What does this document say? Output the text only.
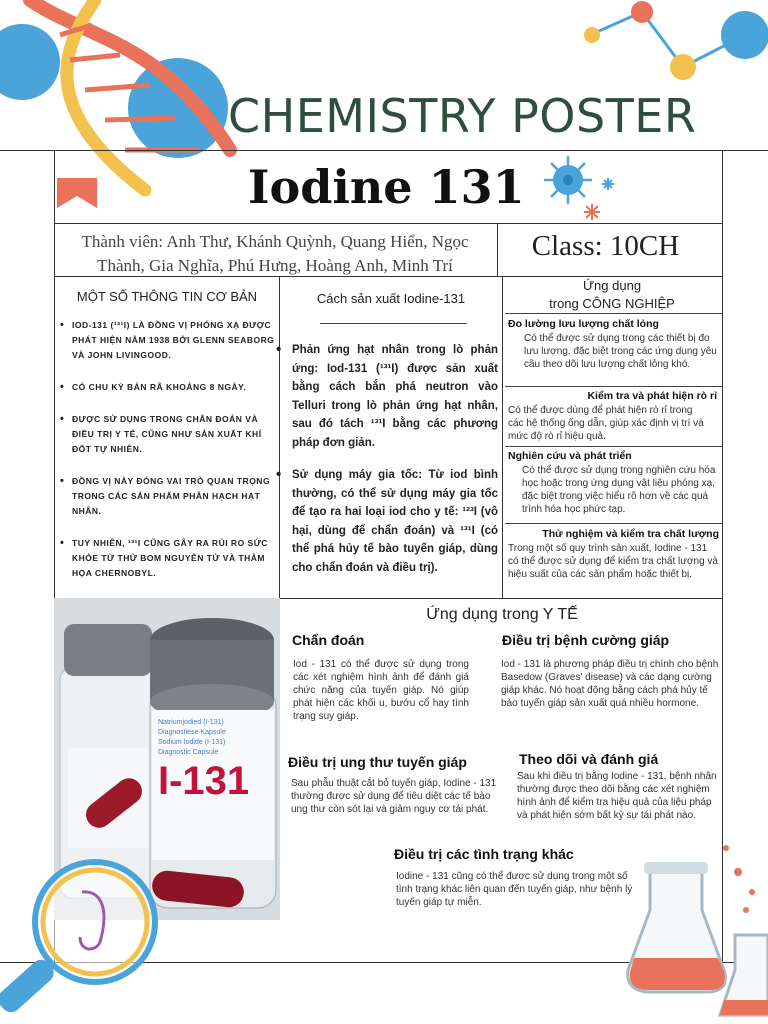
CHEMISTRY POSTER
Iodine 131
Thành viên: Anh Thư, Khánh Quỳnh, Quang Hiển, Ngọc Thành, Gia Nghĩa, Phú Hưng, Hoàng Anh, Minh Trí
Class: 10CH
MỘT SỐ THÔNG TIN CƠ BẢN
• IOD-131 (¹³¹I) LÀ ĐỒNG VỊ PHÓNG XẠ ĐƯỢC PHÁT HIỆN NĂM 1938 BỞI GLENN SEABORG VÀ JOHN LIVINGOOD.
• CÓ CHU KỲ BÁN RÃ KHOẢNG 8 NGÀY.
• ĐƯỢC SỬ DỤNG TRONG CHẨN ĐOÁN VÀ ĐIỀU TRỊ Y TẾ, CŨNG NHƯ SẢN XUẤT KHÍ ĐỐT TỰ NHIÊN.
• ĐỒNG VỊ NÀY ĐÓNG VAI TRÒ QUAN TRỌNG TRONG CÁC SẢN PHẨM PHÂN HẠCH HẠT NHÂN.
• TUY NHIÊN, ¹³¹I CŨNG GÂY RA RỦI RO SỨC KHỎE TỪ THỬ BOM NGUYÊN TỬ VÀ THẢM HỌA CHERNOBYL.
Cách sản xuất Iodine-131
• Phản ứng hạt nhân trong lò phản ứng: Iod-131 (¹³¹I) được sản xuất bằng cách bắn phá neutron vào Telluri trong lò phản ứng hạt nhân, sau đó tách ¹³¹I bằng các phương pháp đơn giản.
• Sử dụng máy gia tốc: Từ iod bình thường, có thể sử dụng máy gia tốc để tạo ra hai loại iod cho y tế: ¹²³I (vô hại, dùng để chẩn đoán) và ¹³¹I (có thể phá hủy tế bào tuyến giáp, dùng cho chẩn đoán và điều trị).
Ứng dụng
trong CÔNG NGHIỆP
Đo lường lưu lượng chất lỏng
Có thể được sử dụng trong các thiết bị đo lưu lượng, đặc biệt trong các ứng dụng yêu cầu theo dõi lưu lượng chất lỏng khó.
Kiểm tra và phát hiện rò rỉ
Có thể được dùng để phát hiện rò rỉ trong các hệ thống ống dẫn, giúp xác định vị trí và mức độ rò rỉ hiệu quả.
Nghiên cứu và phát triển
Có thể được sử dụng trong nghiên cứu hóa học hoặc trong ứng dụng vật liệu phóng xạ, đặc biệt trong việc hiểu rõ hơn về các quá trình hóa học phức tạp.
Thử nghiệm và kiểm tra chất lượng
Trong một số quy trình sản xuất, Iodine - 131 có thể được sử dụng để kiểm tra chất lượng và hiệu suất của các sản phẩm hoặc thiết bị.
Natriumjodied (I-131)
Diagnostiese Kapsule
Sodium Iodide (I-131)
Diagnostic Capsule
I-131
Ứng dụng trong Y TẾ
Chẩn đoán
Iod - 131 có thể được sử dụng trong các xét nghiệm hình ảnh để đánh giá chức năng của tuyến giáp. Nó giúp phát hiện các khối u, bướu cổ hay tình trạng suy giáp.
Điều trị bệnh cường giáp
Iod - 131 là phương pháp điều trị chính cho bệnh Basedow (Graves' disease) và các dạng cường giáp khác. Nó hoạt động bằng cách phá hủy tế bào tuyến giáp sản xuất quá nhiều hormone.
Điều trị ung thư tuyến giáp
Sau phẫu thuật cắt bỏ tuyến giáp, Iodine - 131 thường được sử dụng để tiêu diệt các tế bào ung thư còn sót lại và giảm nguy cơ tái phát.
Theo dõi và đánh giá
Sau khi điều trị bằng Iodine - 131, bệnh nhân thường được theo dõi bằng các xét nghiệm hình ảnh để kiểm tra hiệu quả của liệu pháp và phát hiện sớm bất kỳ sự tái phát nào.
Điều trị các tình trạng khác
Iodine - 131 cũng có thể được sử dụng trong một số tình trạng khác liên quan đến tuyến giáp, như bệnh lý tuyến giáp tự miễn.
